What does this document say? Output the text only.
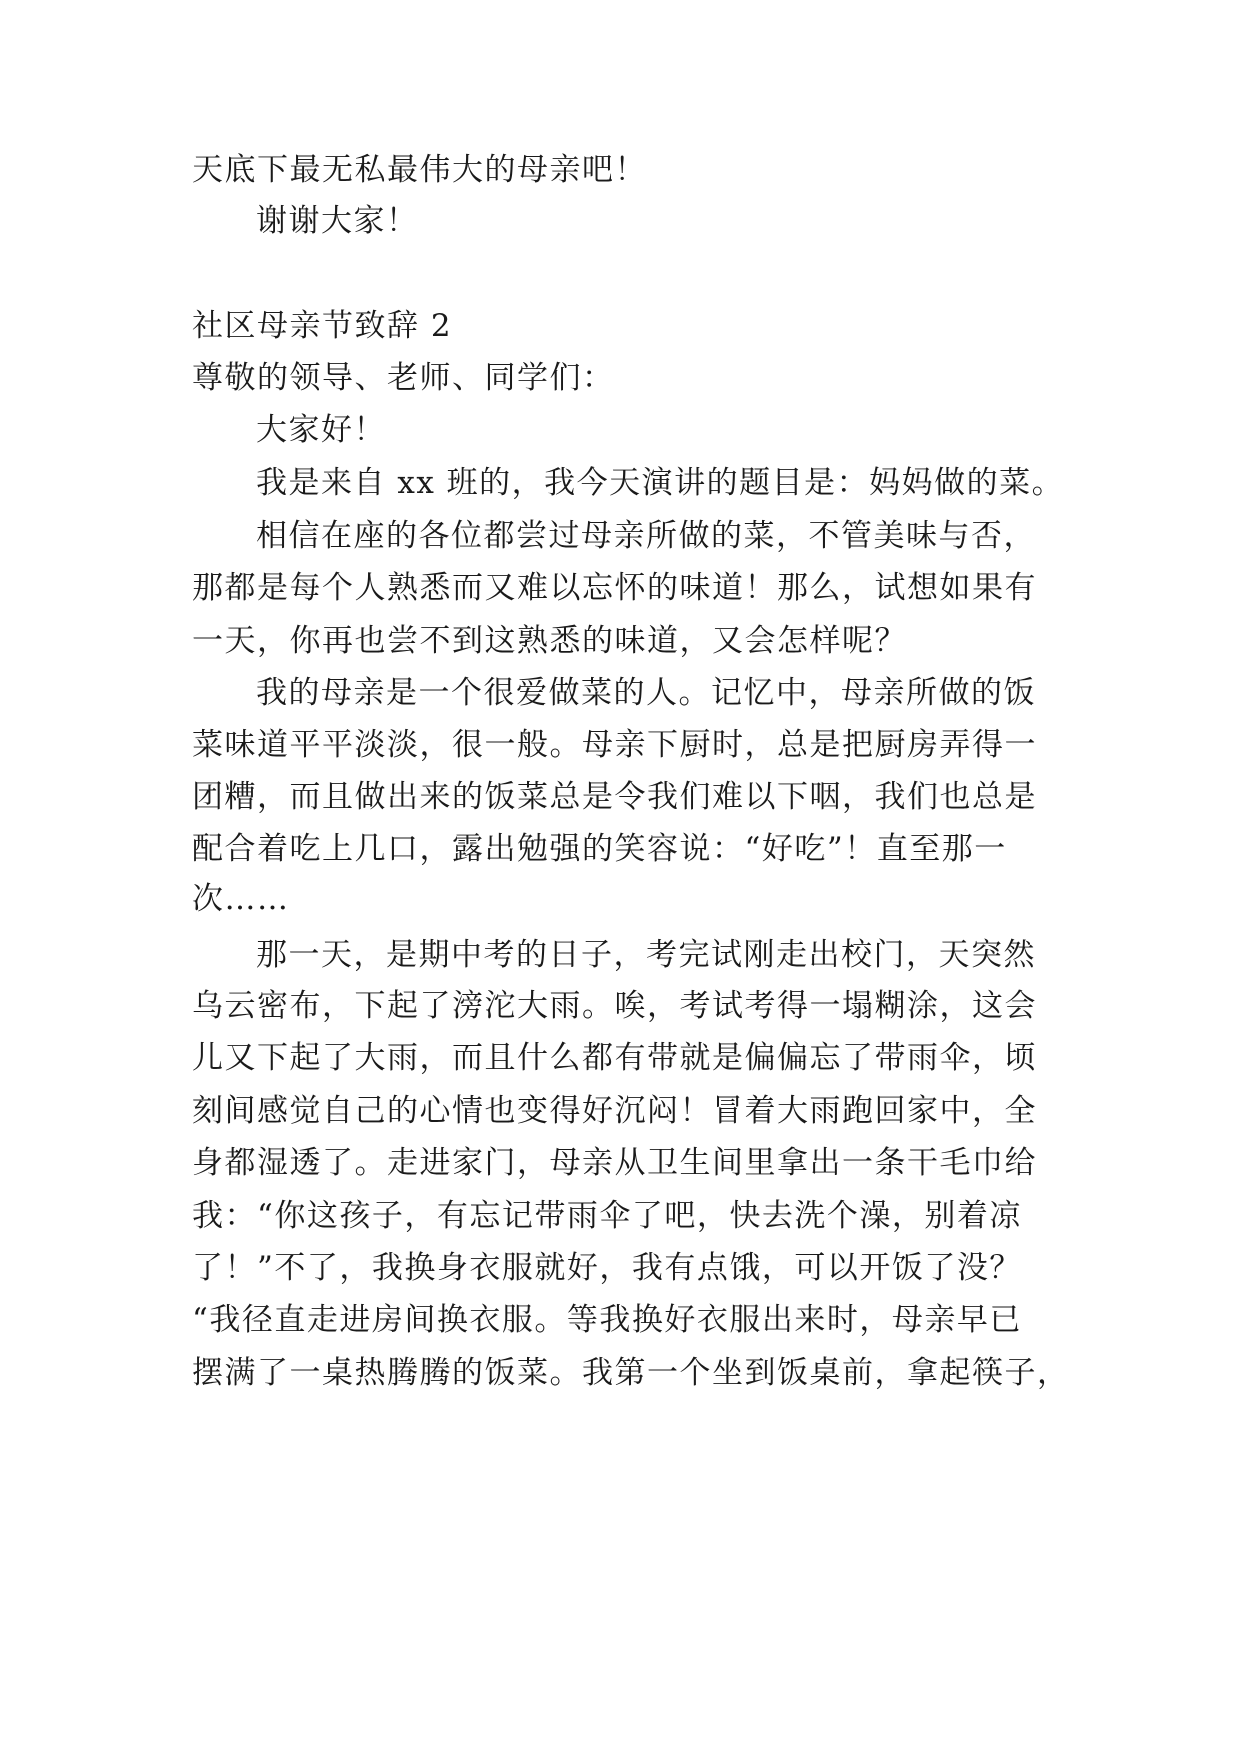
天底下最无私最伟大的母亲吧！
谢谢大家！
社区母亲节致辞 2
尊敬的领导、老师、同学们：
大家好！
我是来自 xx 班的，我今天演讲的题目是：妈妈做的菜。
相信在座的各位都尝过母亲所做的菜，不管美味与否，
那都是每个人熟悉而又难以忘怀的味道！那么，试想如果有
一天，你再也尝不到这熟悉的味道，又会怎样呢？
我的母亲是一个很爱做菜的人。记忆中，母亲所做的饭
菜味道平平淡淡，很一般。母亲下厨时，总是把厨房弄得一
团糟，而且做出来的饭菜总是令我们难以下咽，我们也总是
配合着吃上几口，露出勉强的笑容说：“好吃”！直至那一
次……
那一天，是期中考的日子，考完试刚走出校门，天突然
乌云密布，下起了滂沱大雨。唉，考试考得一塌糊涂，这会
儿又下起了大雨，而且什么都有带就是偏偏忘了带雨伞，顷
刻间感觉自己的心情也变得好沉闷！冒着大雨跑回家中，全
身都湿透了。走进家门，母亲从卫生间里拿出一条干毛巾给
我：“你这孩子，有忘记带雨伞了吧，快去洗个澡，别着凉
了！”不了，我换身衣服就好，我有点饿，可以开饭了没？
“我径直走进房间换衣服。等我换好衣服出来时，母亲早已
摆满了一桌热腾腾的饭菜。我第一个坐到饭桌前，拿起筷子，
